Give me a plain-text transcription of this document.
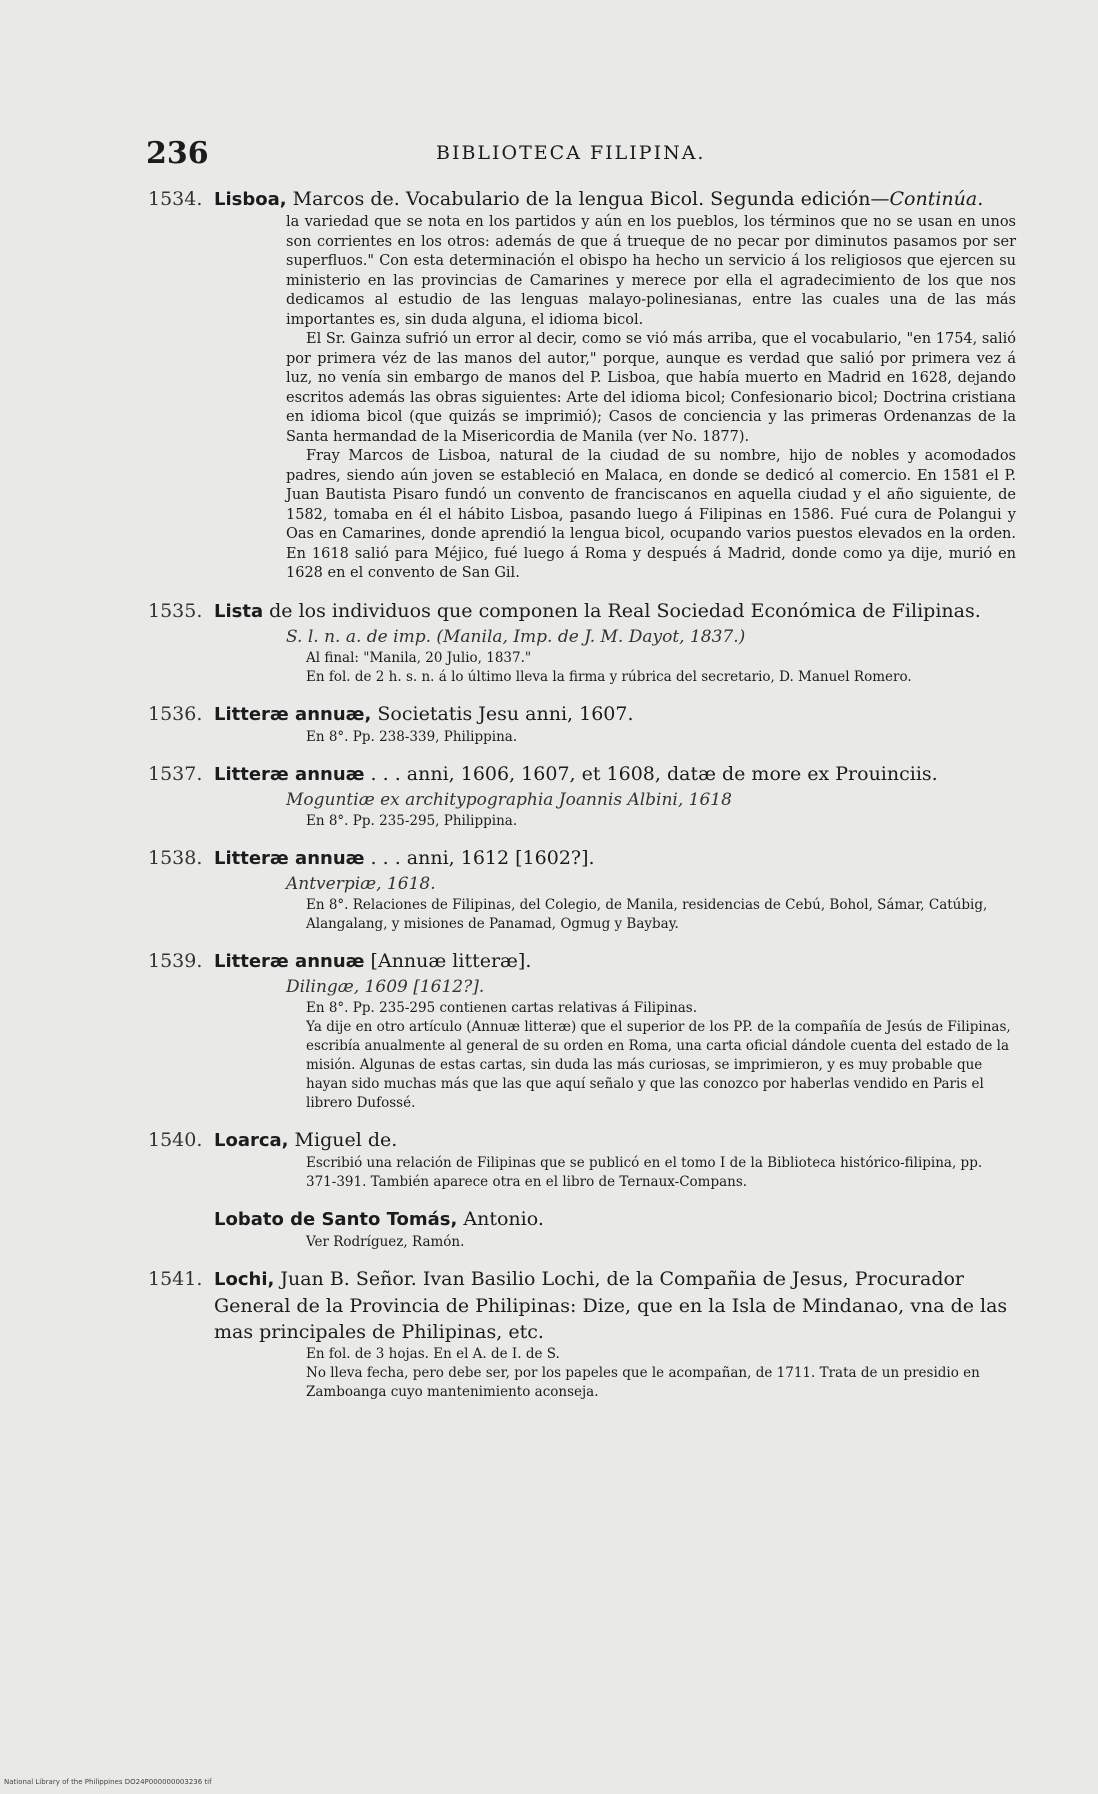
236	BIBLIOTECA FILIPINA.
1534. Lisboa, Marcos de. Vocabulario de la lengua Bicol. Segunda edición—Continúa.

la variedad que se nota en los partidos y aún en los pueblos, los términos que no se usan en unos son corrientes en los otros: además de que á trueque de no pecar por diminutos pasamos por ser superfluos." Con esta determinación el obispo ha hecho un servicio á los religiosos que ejercen su ministerio en las provincias de Camarines y merece por ella el agradecimiento de los que nos dedicamos al estudio de las lenguas malayo-polinesianas, entre las cuales una de las más importantes es, sin duda alguna, el idioma bicol.

El Sr. Gainza sufrió un error al decir, como se vió más arriba, que el vocabulario, "en 1754, salió por primera véz de las manos del autor," porque, aunque es verdad que salió por primera vez á luz, no venía sin embargo de manos del P. Lisboa, que había muerto en Madrid en 1628, dejando escritos además las obras siguientes: Arte del idioma bicol; Confesionario bicol; Doctrina cristiana en idioma bicol (que quizás se imprimió); Casos de conciencia y las primeras Ordenanzas de la Santa hermandad de la Misericordia de Manila (ver No. 1877).

Fray Marcos de Lisboa, natural de la ciudad de su nombre, hijo de nobles y acomodados padres, siendo aún joven se estableció en Malaca, en donde se dedicó al comercio. En 1581 el P. Juan Bautista Pisaro fundó un convento de franciscanos en aquella ciudad y el año siguiente, de 1582, tomaba en él el hábito Lisboa, pasando luego á Filipinas en 1586. Fué cura de Polangui y Oas en Camarines, donde aprendió la lengua bicol, ocupando varios puestos elevados en la orden. En 1618 salió para Méjico, fué luego á Roma y después á Madrid, donde como ya dije, murió en 1628 en el convento de San Gil.

1535. Lista de los individuos que componen la Real Sociedad Económica de Filipinas.
S. l. n. a. de imp. (Manila, Imp. de J. M. Dayot, 1837.)

Al final: "Manila, 20 Julio, 1837."

En fol. de 2 h. s. n. á lo último lleva la firma y rúbrica del secretario, D. Manuel Romero.

1536. Litteræ annuæ, Societatis Jesu anni, 1607.

En 8°. Pp. 238-339, Philippina.

1537. Litteræ annuæ . . . anni, 1606, 1607, et 1608, datæ de more ex Prouinciis.
Moguntiæ ex architypographia Joannis Albini, 1618

En 8°. Pp. 235-295, Philippina.

1538. Litteræ annuæ . . . anni, 1612 [1602?].
Antverpiæ, 1618.

En 8°. Relaciones de Filipinas, del Colegio, de Manila, residencias de Cebú, Bohol, Sámar, Catúbig, Alangalang, y misiones de Panamad, Ogmug y Baybay.

1539. Litteræ annuæ [Annuæ litteræ].
Dilingæ, 1609 [1612?].

En 8°. Pp. 235-295 contienen cartas relativas á Filipinas.

Ya dije en otro artículo (Annuæ litteræ) que el superior de los PP. de la compañía de Jesús de Filipinas, escribía anualmente al general de su orden en Roma, una carta oficial dándole cuenta del estado de la misión. Algunas de estas cartas, sin duda las más curiosas, se imprimieron, y es muy probable que hayan sido muchas más que las que aquí señalo y que las conozco por haberlas vendido en Paris el librero Dufossé.

1540. Loarca, Miguel de.

Escribió una relación de Filipinas que se publicó en el tomo I de la Biblioteca histórico-filipina, pp. 371-391. También aparece otra en el libro de Ternaux-Compans.

Lobato de Santo Tomás, Antonio.

Ver Rodríguez, Ramón.

1541. Lochi, Juan B. Señor. Ivan Basilio Lochi, de la Compañia de Jesus, Procurador General de la Provincia de Philipinas: Dize, que en la Isla de Mindanao, vna de las mas principales de Philipinas, etc.

En fol. de 3 hojas. En el A. de I. de S.

No lleva fecha, pero debe ser, por los papeles que le acompañan, de 1711. Trata de un presidio en Zamboanga cuyo mantenimiento aconseja.

National Library of the Philippines DO24P000000003236 tif
